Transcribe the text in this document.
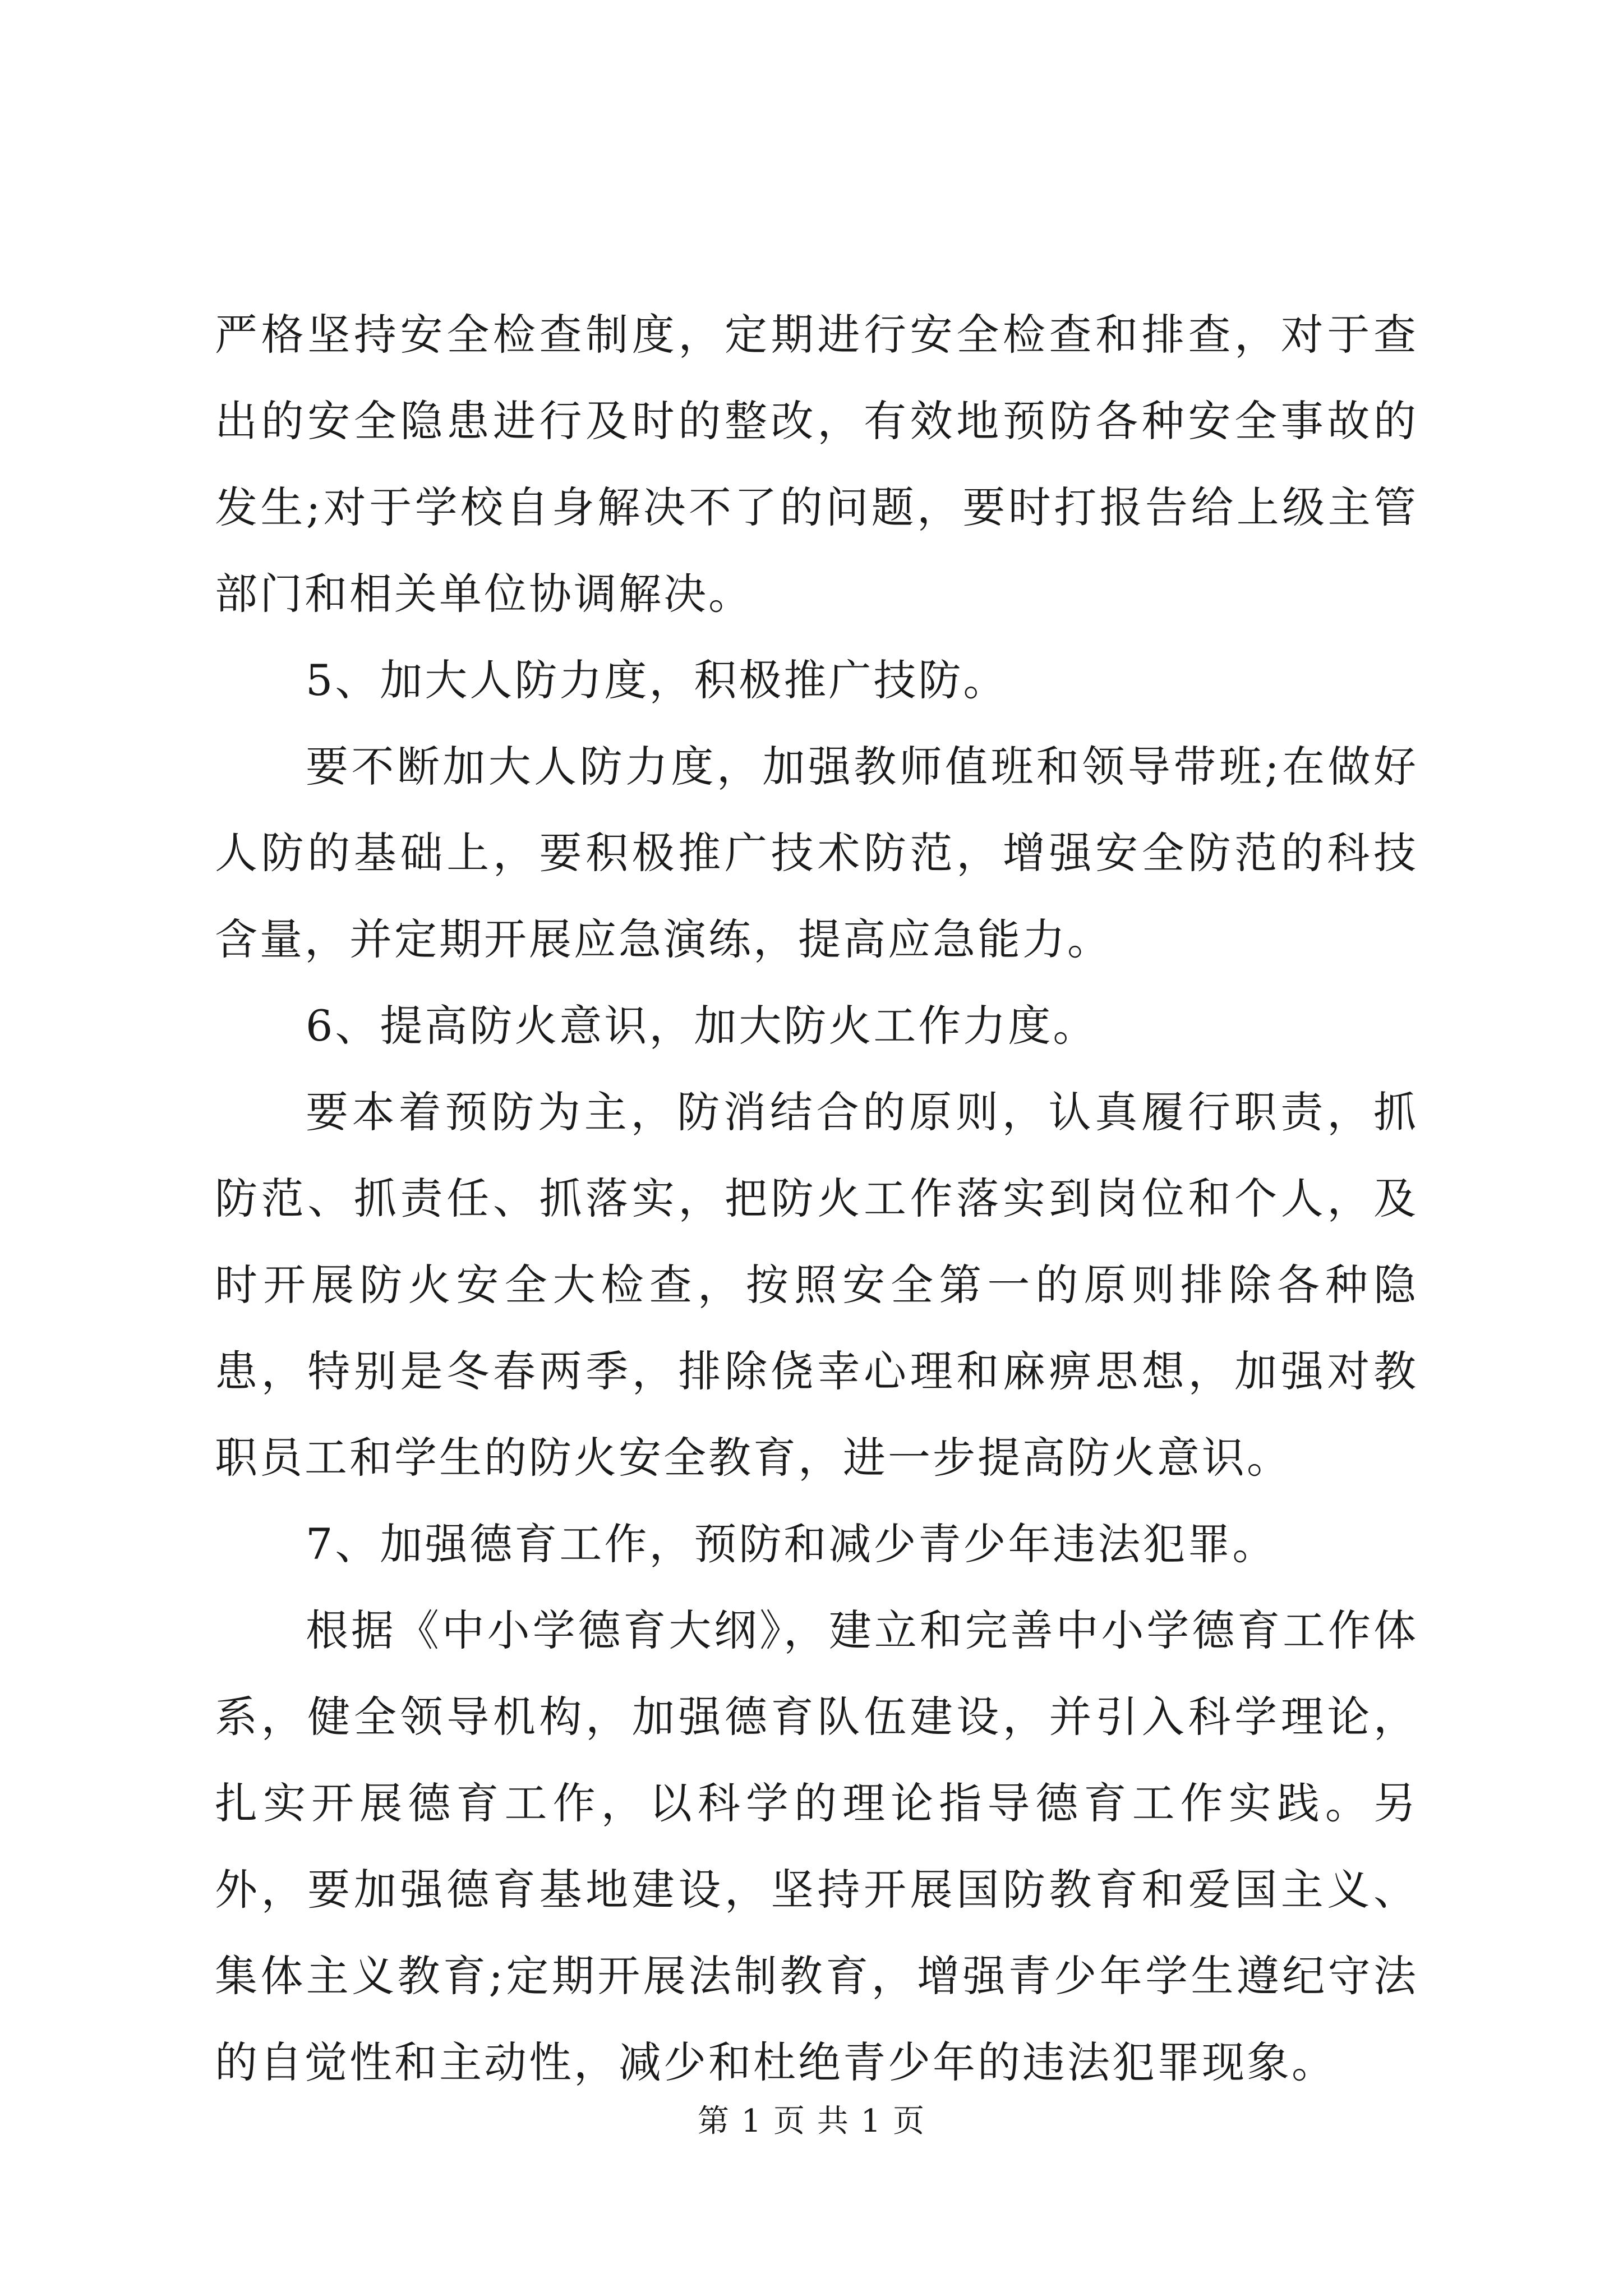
严格坚持安全检查制度，定期进行安全检查和排查，对于查出的安全隐患进行及时的整改，有效地预防各种安全事故的发生;对于学校自身解决不了的问题，要时打报告给上级主管部门和相关单位协调解决。

5、加大人防力度，积极推广技防。

要不断加大人防力度，加强教师值班和领导带班;在做好人防的基础上，要积极推广技术防范，增强安全防范的科技含量，并定期开展应急演练，提高应急能力。

6、提高防火意识，加大防火工作力度。

要本着预防为主，防消结合的原则，认真履行职责，抓防范、抓责任、抓落实，把防火工作落实到岗位和个人，及时开展防火安全大检查，按照安全第一的原则排除各种隐患，特别是冬春两季，排除侥幸心理和麻痹思想，加强对教职员工和学生的防火安全教育，进一步提高防火意识。

7、加强德育工作，预防和减少青少年违法犯罪。

根据《中小学德育大纲》，建立和完善中小学德育工作体系，健全领导机构，加强德育队伍建设，并引入科学理论，扎实开展德育工作，以科学的理论指导德育工作实践。另外，要加强德育基地建设，坚持开展国防教育和爱国主义、集体主义教育;定期开展法制教育，增强青少年学生遵纪守法的自觉性和主动性，减少和杜绝青少年的违法犯罪现象。

第 1 页 共 1 页
